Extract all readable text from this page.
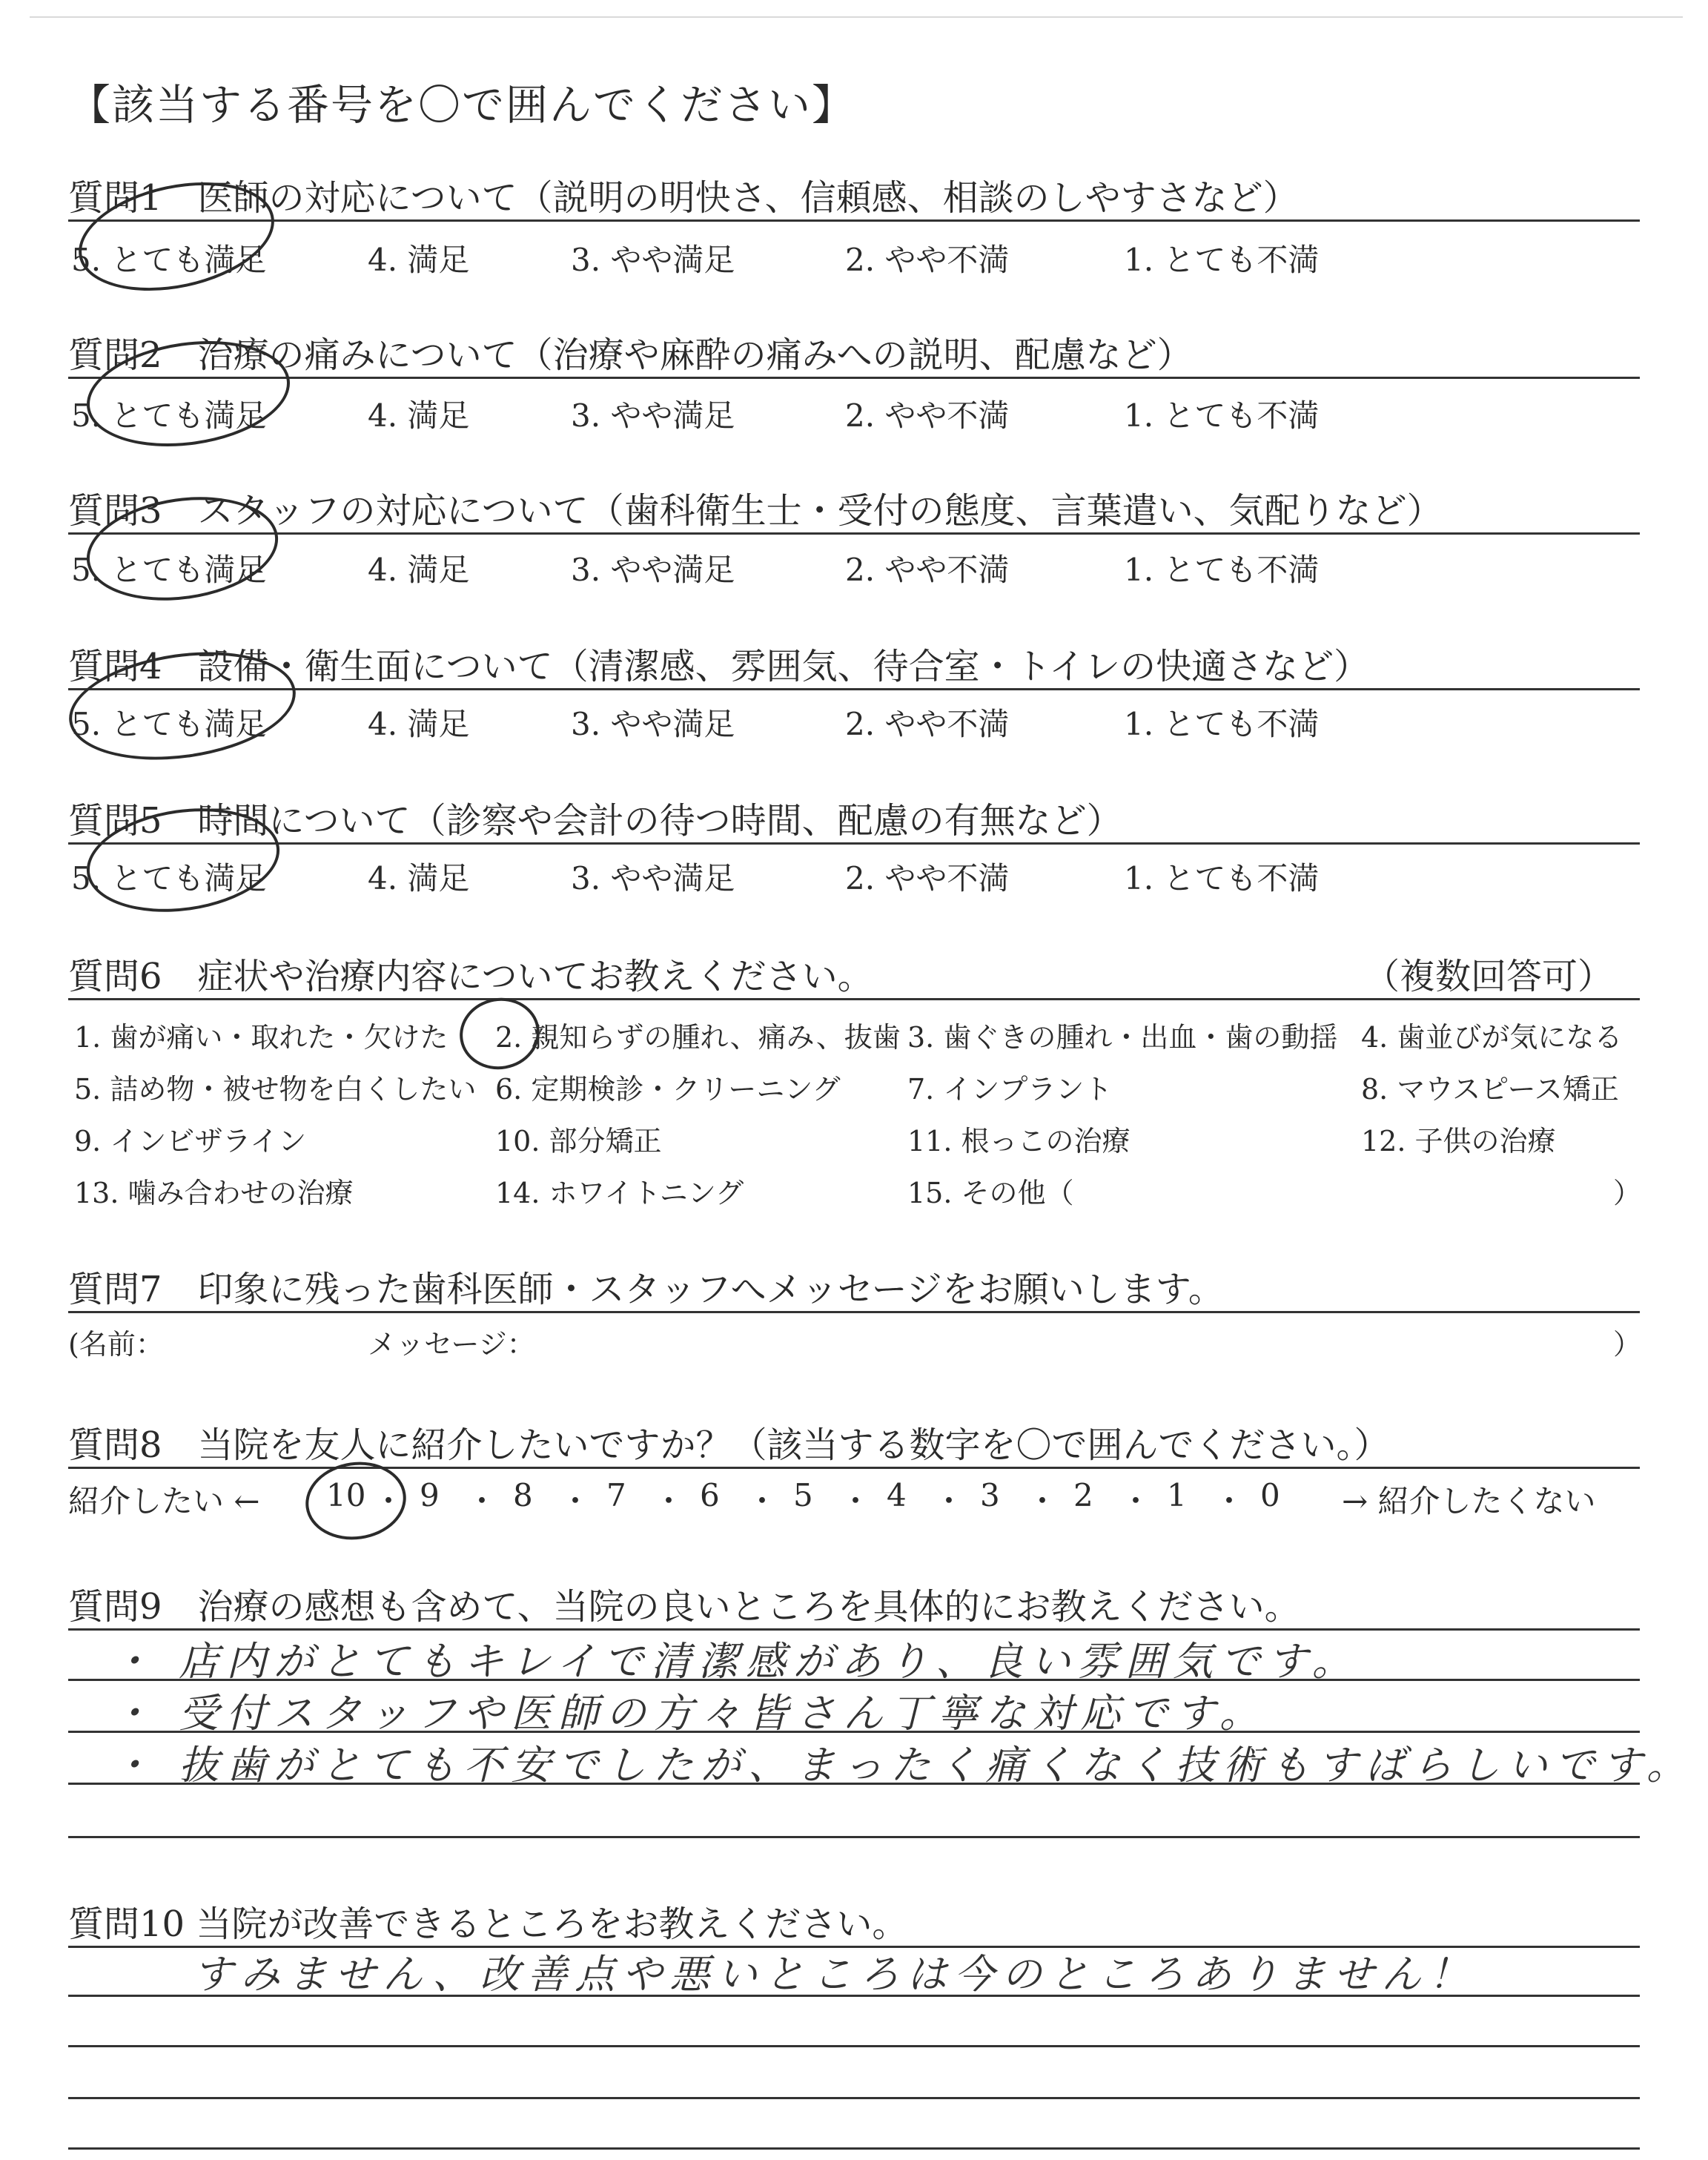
【該当する番号を〇で囲んでください】
質問1　医師の対応について（説明の明快さ、信頼感、相談のしやすさなど）
5. とても満足	4. 満足	3. やや満足	2. やや不満	1. とても不満
質問2　治療の痛みについて（治療や麻酔の痛みへの説明、配慮など）
5. とても満足	4. 満足	3. やや満足	2. やや不満	1. とても不満
質問3　スタッフの対応について（歯科衛生士・受付の態度、言葉遣い、気配りなど）
5. とても満足	4. 満足	3. やや満足	2. やや不満	1. とても不満
質問4　設備・衛生面について（清潔感、雰囲気、待合室・トイレの快適さなど）
5. とても満足	4. 満足	3. やや満足	2. やや不満	1. とても不満
質問5　時間について（診察や会計の待つ時間、配慮の有無など）
5. とても満足	4. 満足	3. やや満足	2. やや不満	1. とても不満
質問6　症状や治療内容についてお教えください。	（複数回答可）
1. 歯が痛い・取れた・欠けた 2. 親知らずの腫れ、痛み、抜歯 3. 歯ぐきの腫れ・出血・歯の動揺 4. 歯並びが気になる
5. 詰め物・被せ物を白くしたい 6. 定期検診・クリーニング 7. インプラント	8. マウスピース矯正
9. インビザライン	10. 部分矯正	11. 根っこの治療	12. 子供の治療
13. 噛み合わせの治療	14. ホワイトニング	15. その他（	）
質問7　印象に残った歯科医師・スタッフへメッセージをお願いします。
(名前：	メッセージ：	）
質問8　当院を友人に紹介したいですか？（該当する数字を〇で囲んでください。）
紹介したい ← 10 ・ 9 ・ 8 ・ 7 ・ 6 ・ 5 ・ 4 ・ 3 ・ 2 ・ 1 ・ 0 → 紹介したくない
質問9　治療の感想も含めて、当院の良いところを具体的にお教えください。
・ 店内がとてもキレイで清潔感があり、良い雰囲気です。
・ 受付スタッフや医師の方々皆さん丁寧な対応です。
・ 抜歯がとても不安でしたが、まったく痛くなく技術もすばらしいです。
質問10 当院が改善できるところをお教えください。
すみません、改善点や悪いところは今のところありません！
